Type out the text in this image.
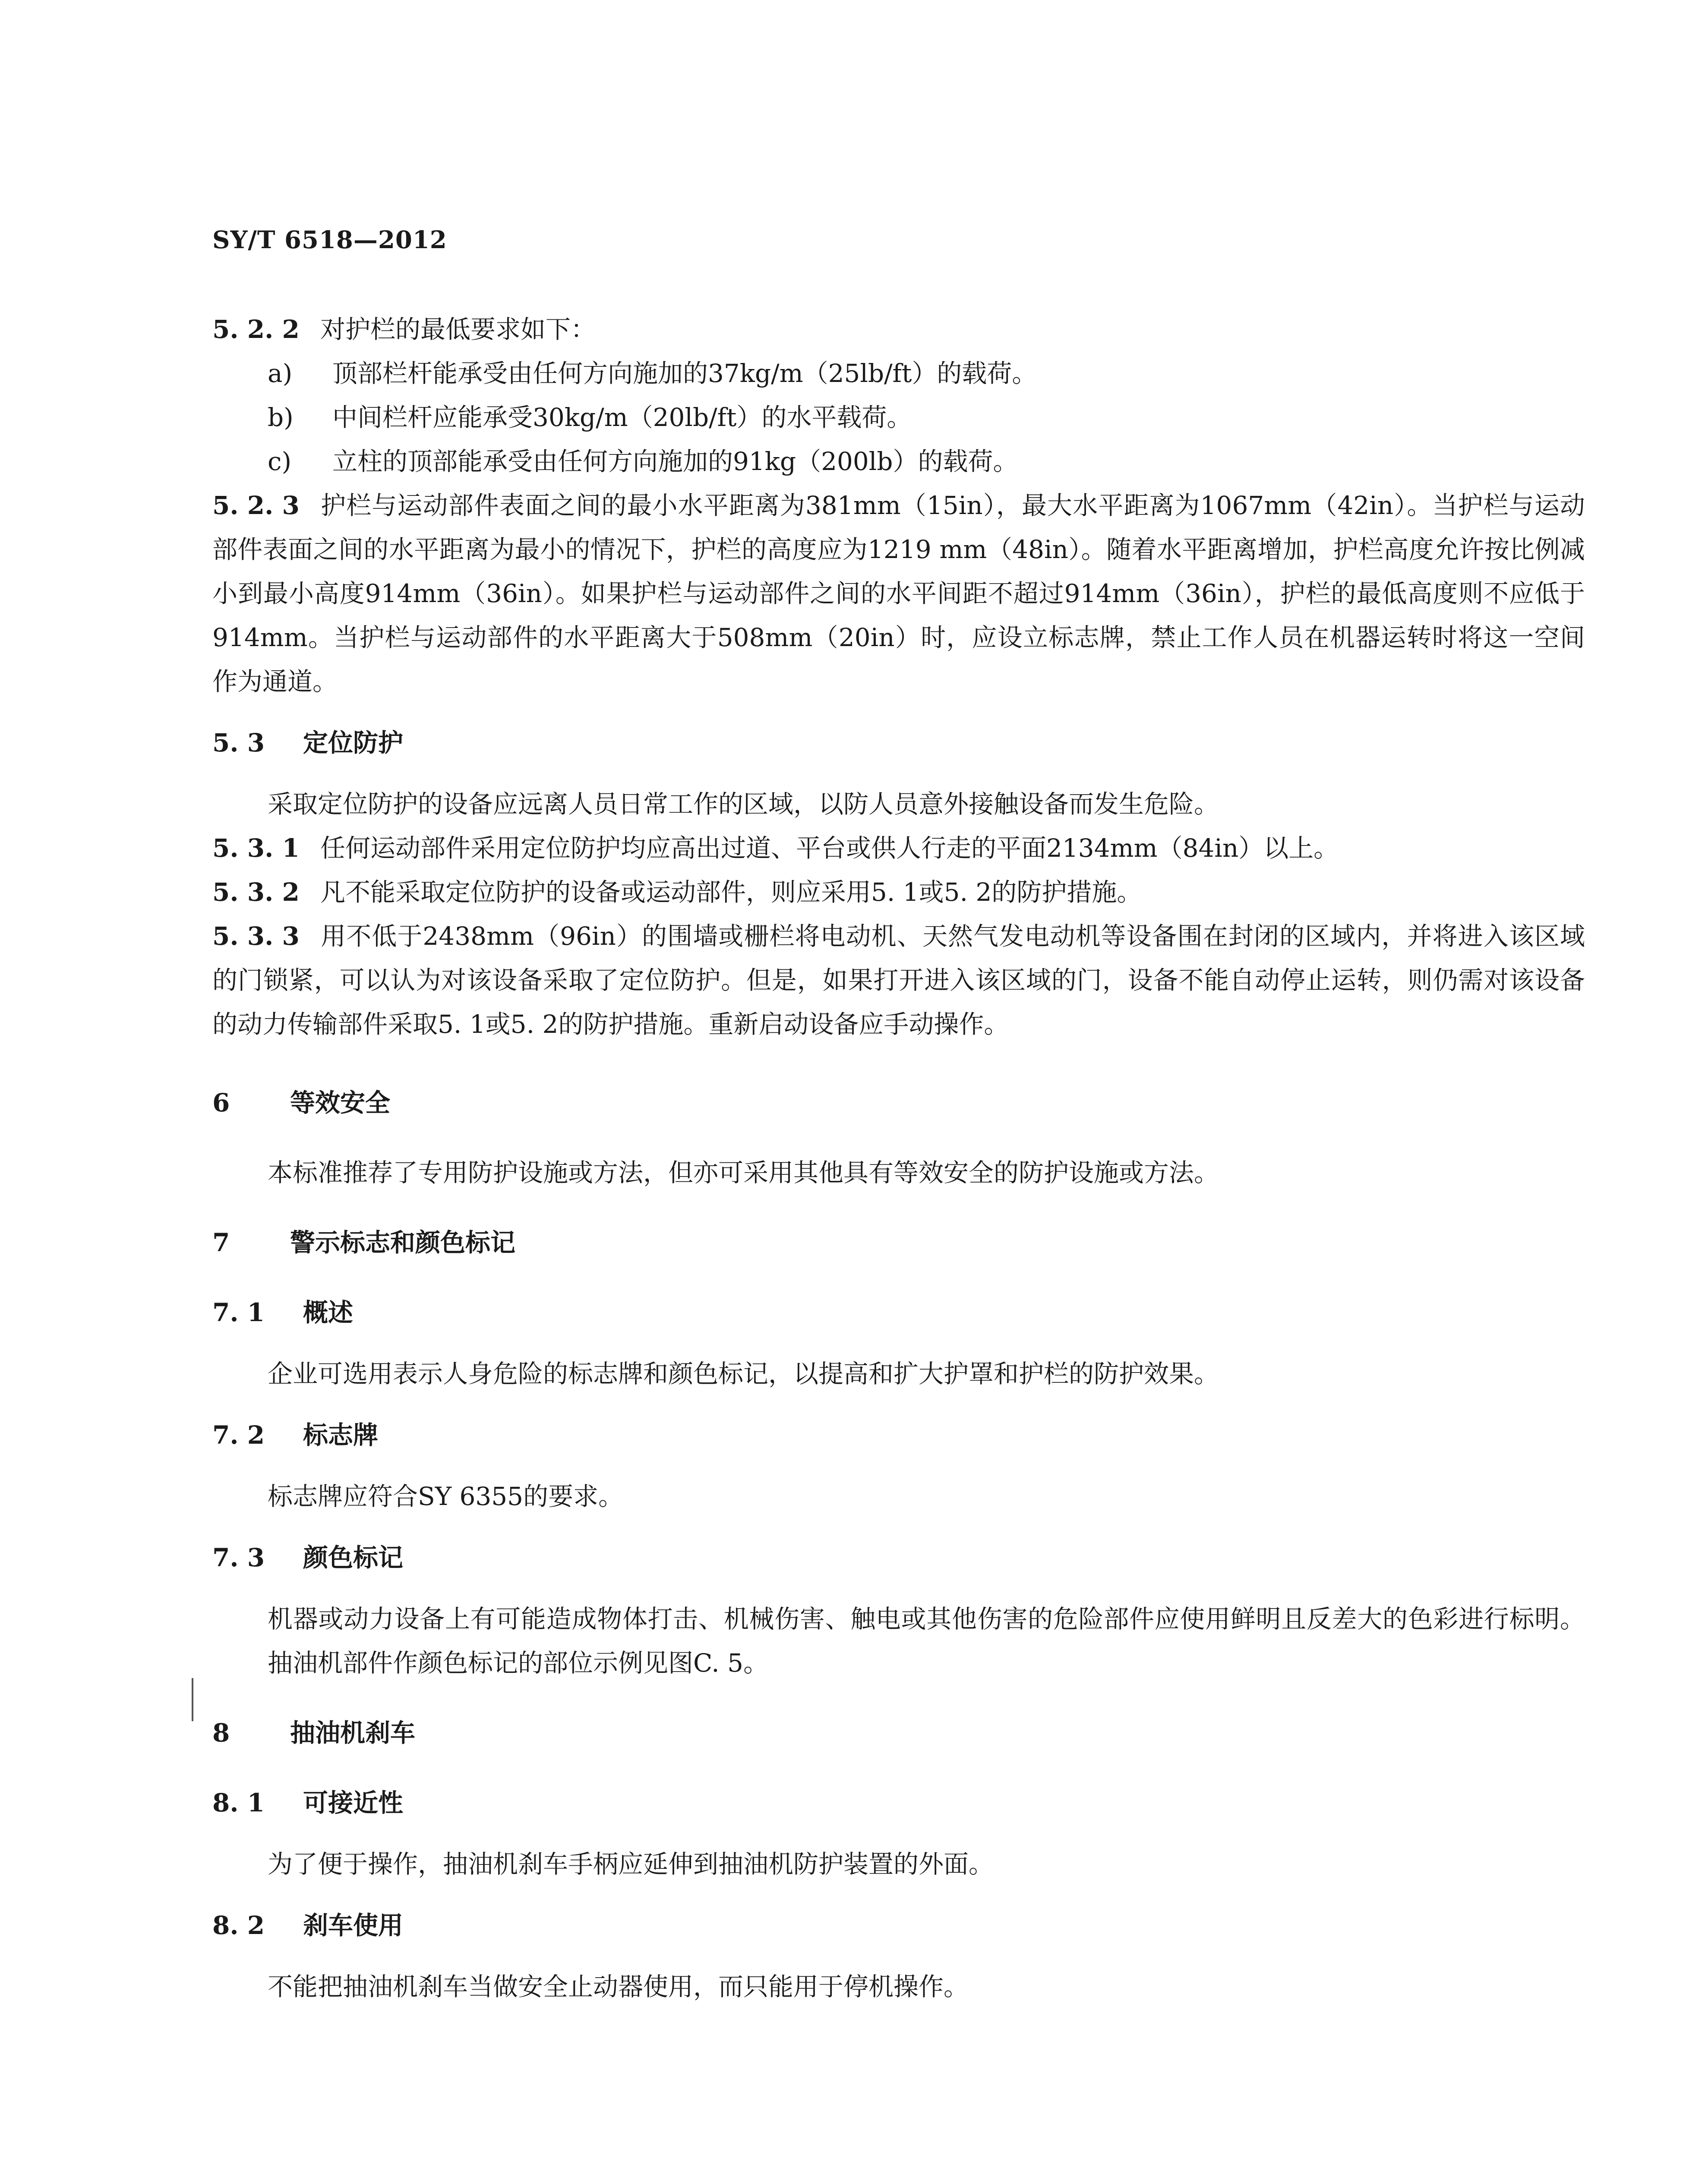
SY/T 6518—2012

5. 2. 2 对护栏的最低要求如下：

a) 顶部栏杆能承受由任何方向施加的37kg/m（25lb/ft）的载荷。

b) 中间栏杆应能承受30kg/m（20lb/ft）的水平载荷。

c) 立柱的顶部能承受由任何方向施加的91kg（200lb）的载荷。

5. 2. 3 护栏与运动部件表面之间的最小水平距离为381mm（15in），最大水平距离为1067mm（42in）。当护栏与运动部件表面之间的水平距离为最小的情况下，护栏的高度应为1219 mm（48in）。随着水平距离增加，护栏高度允许按比例减小到最小高度914mm（36in）。如果护栏与运动部件之间的水平间距不超过914mm（36in），护栏的最低高度则不应低于914mm。当护栏与运动部件的水平距离大于508mm（20in）时，应设立标志牌，禁止工作人员在机器运转时将这一空间作为通道。

5. 3 定位防护

采取定位防护的设备应远离人员日常工作的区域，以防人员意外接触设备而发生危险。

5. 3. 1 任何运动部件采用定位防护均应高出过道、平台或供人行走的平面2134mm（84in）以上。

5. 3. 2 凡不能采取定位防护的设备或运动部件，则应采用5. 1或5. 2的防护措施。

5. 3. 3 用不低于2438mm（96in）的围墙或栅栏将电动机、天然气发电动机等设备围在封闭的区域内，并将进入该区域的门锁紧，可以认为对该设备采取了定位防护。但是，如果打开进入该区域的门，设备不能自动停止运转，则仍需对该设备的动力传输部件采取5. 1或5. 2的防护措施。重新启动设备应手动操作。

6 等效安全

本标准推荐了专用防护设施或方法，但亦可采用其他具有等效安全的防护设施或方法。

7 警示标志和颜色标记

7. 1 概述

企业可选用表示人身危险的标志牌和颜色标记，以提高和扩大护罩和护栏的防护效果。

7. 2 标志牌

标志牌应符合SY 6355的要求。

7. 3 颜色标记

机器或动力设备上有可能造成物体打击、机械伤害、触电或其他伤害的危险部件应使用鲜明且反差大的色彩进行标明。抽油机部件作颜色标记的部位示例见图C. 5。

8 抽油机刹车

8. 1 可接近性

为了便于操作，抽油机刹车手柄应延伸到抽油机防护装置的外面。

8. 2 刹车使用

不能把抽油机刹车当做安全止动器使用，而只能用于停机操作。
